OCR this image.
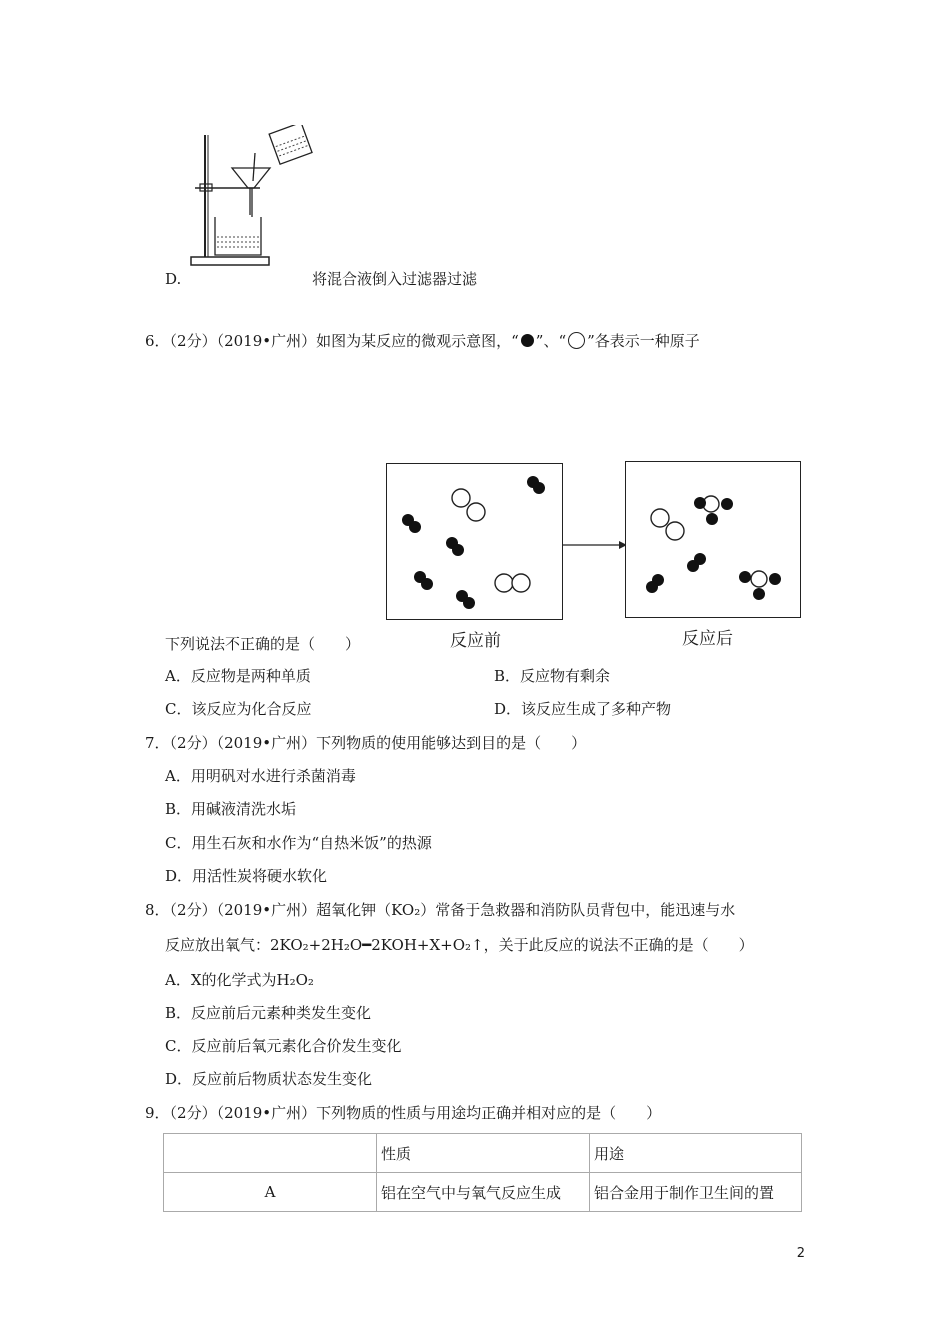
D.	将混合液倒入过滤器过滤
6．（2分）（2019•广州）如图为某反应的微观示意图，“ ”、“ ”各表示一种原子
反应前	反应后
下列说法不正确的是（　　）
A．反应物是两种单质	B．反应物有剩余
C．该反应为化合反应	D．该反应生成了多种产物
7．（2分）（2019•广州）下列物质的使用能够达到目的是（　　）
A．用明矾对水进行杀菌消毒
B．用碱液清洗水垢
C．用生石灰和水作为“自热米饭”的热源
D．用活性炭将硬水软化
8．（2分）（2019•广州）超氧化钾（KO₂）常备于急救器和消防队员背包中，能迅速与水
反应放出氧气：2KO₂+2H₂O━2KOH+X+O₂↑，关于此反应的说法不正确的是（　　）
A．X的化学式为H₂O₂
B．反应前后元素种类发生变化
C．反应前后氧元素化合价发生变化
D．反应前后物质状态发生变化
9．（2分）（2019•广州）下列物质的性质与用途均正确并相对应的是（　　）
	性质	用途
A	铝在空气中与氧气反应生成	铝合金用于制作卫生间的置
2
